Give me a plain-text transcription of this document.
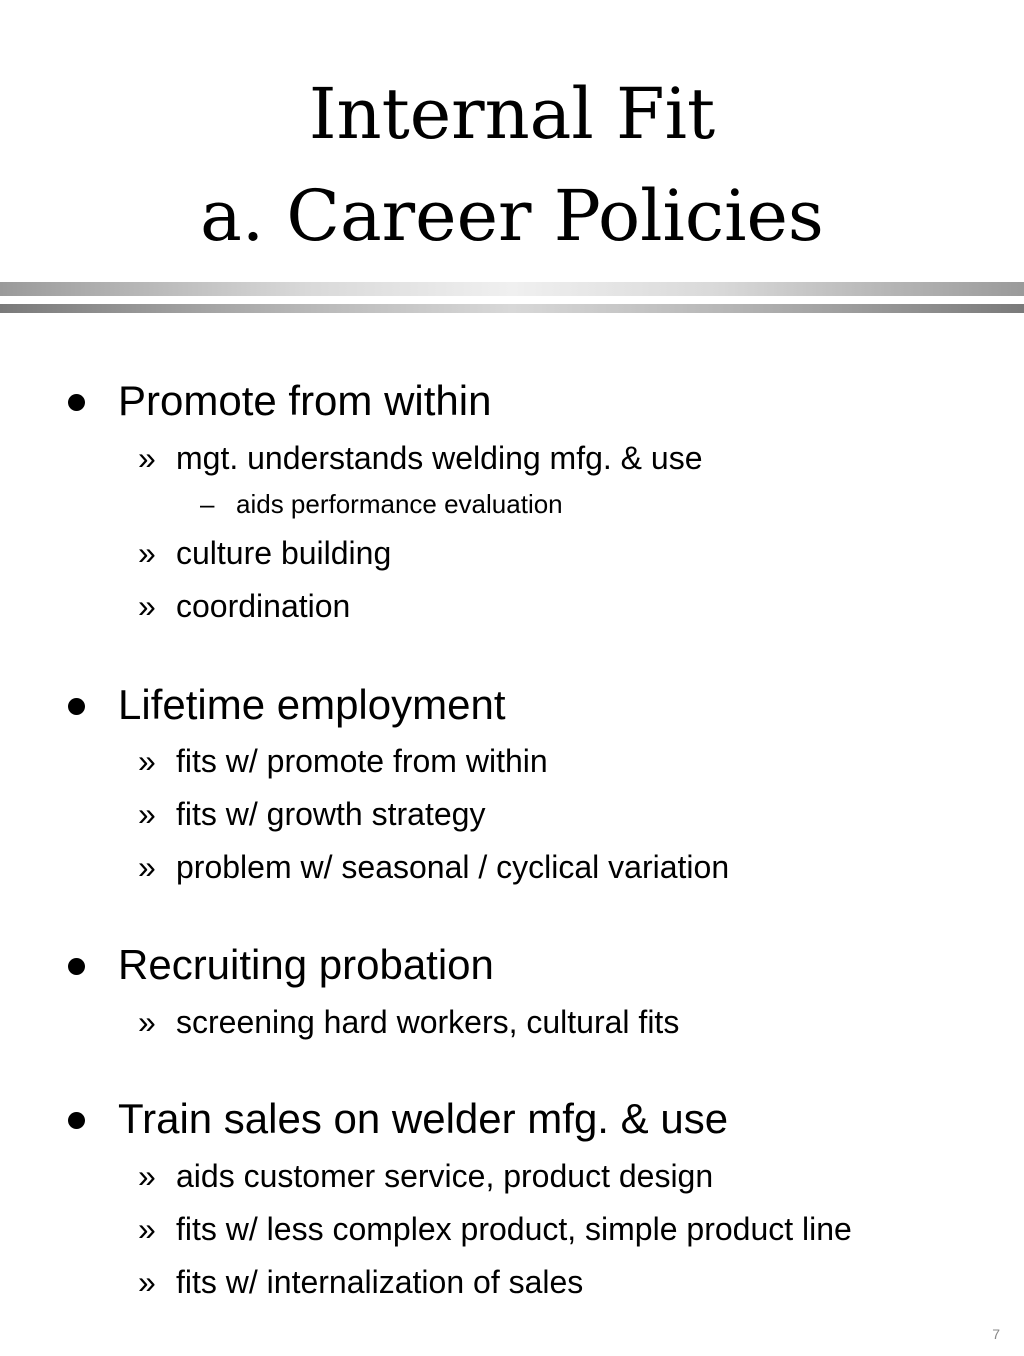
Internal Fit
a. Career Policies
Promote from within
» mgt. understands welding mfg. & use
– aids performance evaluation
» culture building
» coordination
Lifetime employment
» fits w/ promote from within
» fits w/ growth strategy
» problem w/ seasonal / cyclical variation
Recruiting probation
» screening hard workers, cultural fits
Train sales on welder mfg. & use
» aids customer service, product design
» fits w/ less complex product, simple product line
» fits w/ internalization of sales
7
